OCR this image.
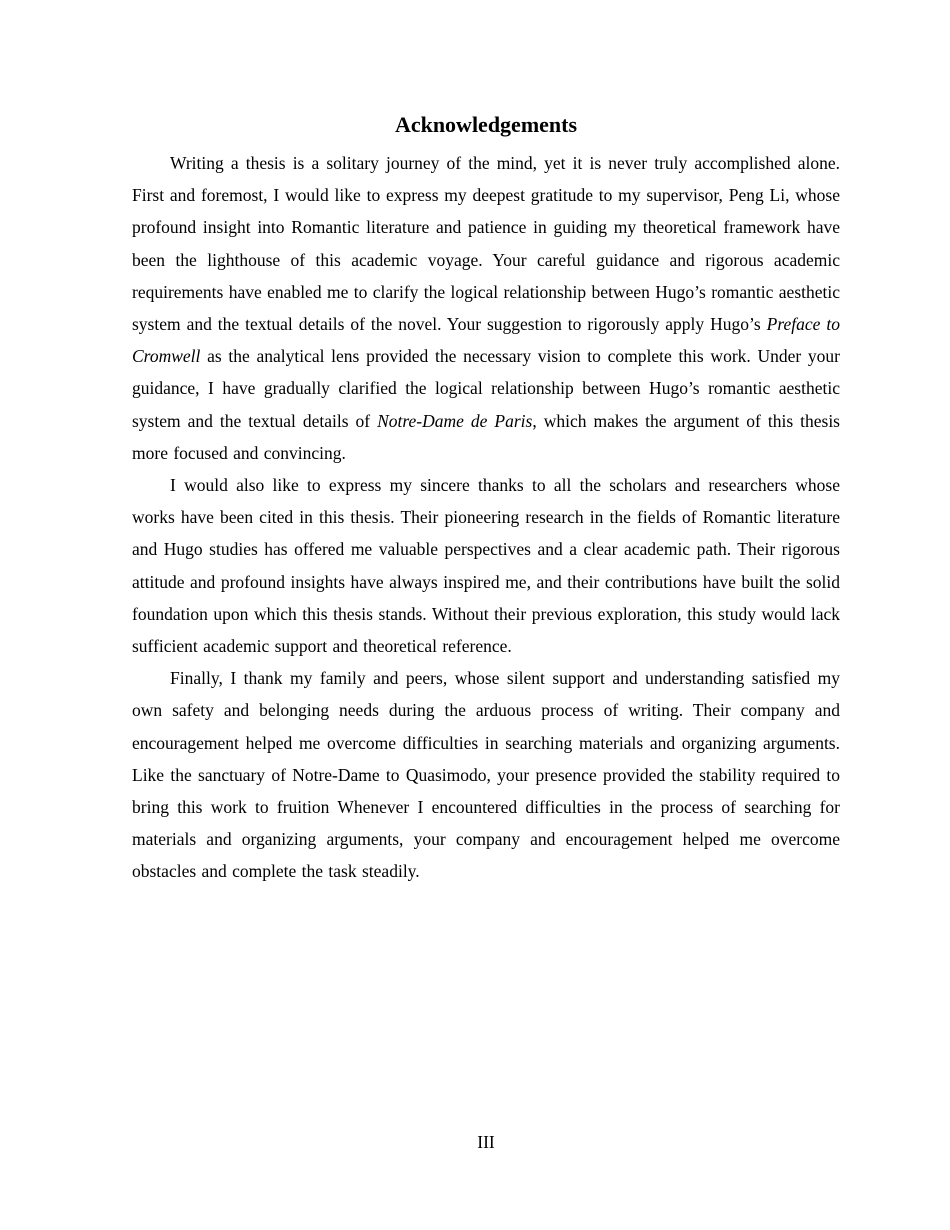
Acknowledgements

Writing a thesis is a solitary journey of the mind, yet it is never truly accomplished alone. First and foremost, I would like to express my deepest gratitude to my supervisor, Peng Li, whose profound insight into Romantic literature and patience in guiding my theoretical framework have been the lighthouse of this academic voyage. Your careful guidance and rigorous academic requirements have enabled me to clarify the logical relationship between Hugo’s romantic aesthetic system and the textual details of the novel. Your suggestion to rigorously apply Hugo’s Preface to Cromwell as the analytical lens provided the necessary vision to complete this work. Under your guidance, I have gradually clarified the logical relationship between Hugo’s romantic aesthetic system and the textual details of Notre-Dame de Paris, which makes the argument of this thesis more focused and convincing.

I would also like to express my sincere thanks to all the scholars and researchers whose works have been cited in this thesis. Their pioneering research in the fields of Romantic literature and Hugo studies has offered me valuable perspectives and a clear academic path. Their rigorous attitude and profound insights have always inspired me, and their contributions have built the solid foundation upon which this thesis stands. Without their previous exploration, this study would lack sufficient academic support and theoretical reference.

Finally, I thank my family and peers, whose silent support and understanding satisfied my own safety and belonging needs during the arduous process of writing. Their company and encouragement helped me overcome difficulties in searching materials and organizing arguments. Like the sanctuary of Notre-Dame to Quasimodo, your presence provided the stability required to bring this work to fruition Whenever I encountered difficulties in the process of searching for materials and organizing arguments, your company and encouragement helped me overcome obstacles and complete the task steadily.

III
